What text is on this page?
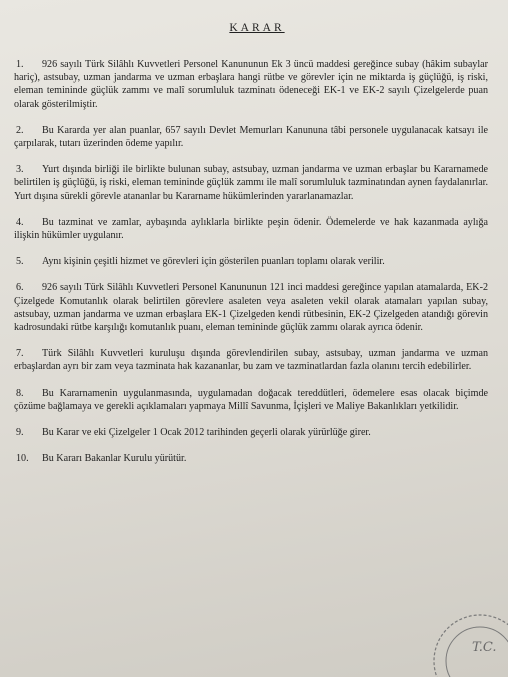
KARAR
1. 926 sayılı Türk Silâhlı Kuvvetleri Personel Kanununun Ek 3 üncü maddesi gereğince subay (hâkim subaylar hariç), astsubay, uzman jandarma ve uzman erbaşlara hangi rütbe ve görevler için ne miktarda iş güçlüğü, iş riski, eleman temininde güçlük zammı ve malî sorumluluk tazminatı ödeneceği EK-1 ve EK-2 sayılı Çizelgelerde puan olarak gösterilmiştir.
2. Bu Kararda yer alan puanlar, 657 sayılı Devlet Memurları Kanununa tâbi personele uygulanacak katsayı ile çarpılarak, tutarı üzerinden ödeme yapılır.
3. Yurt dışında birliği ile birlikte bulunan subay, astsubay, uzman jandarma ve uzman erbaşlar bu Kararnamede belirtilen iş güçlüğü, iş riski, eleman temininde güçlük zammı ile malî sorumluluk tazminatından aynen faydalanırlar. Yurt dışına sürekli görevle atananlar bu Kararname hükümlerinden yararlanamazlar.
4. Bu tazminat ve zamlar, aybaşında aylıklarla birlikte peşin ödenir. Ödemelerde ve hak kazanmada aylığa ilişkin hükümler uygulanır.
5. Aynı kişinin çeşitli hizmet ve görevleri için gösterilen puanları toplamı olarak verilir.
6. 926 sayılı Türk Silâhlı Kuvvetleri Personel Kanununun 121 inci maddesi gereğince yapılan atamalarda, EK-2 Çizelgede Komutanlık olarak belirtilen görevlere asaleten veya asaleten vekil olarak atamaları yapılan subay, astsubay, uzman jandarma ve uzman erbaşlara EK-1 Çizelgeden kendi rütbesinin, EK-2 Çizelgeden atandığı görevin kadrosundaki rütbe karşılığı komutanlık puanı, eleman temininde güçlük zammı olarak ayrıca ödenir.
7. Türk Silâhlı Kuvvetleri kuruluşu dışında görevlendirilen subay, astsubay, uzman jandarma ve uzman erbaşlardan ayrı bir zam veya tazminata hak kazananlar, bu zam ve tazminatlardan fazla olanını tercih edebilirler.
8. Bu Kararnamenin uygulanmasında, uygulamadan doğacak tereddütleri, ödemelere esas olacak biçimde çözüme bağlamaya ve gerekli açıklamaları yapmaya Millî Savunma, İçişleri ve Maliye Bakanlıkları yetkilidir.
9. Bu Karar ve eki Çizelgeler 1 Ocak 2012 tarihinden geçerli olarak yürürlüğe girer.
10. Bu Kararı Bakanlar Kurulu yürütür.
T.C.
